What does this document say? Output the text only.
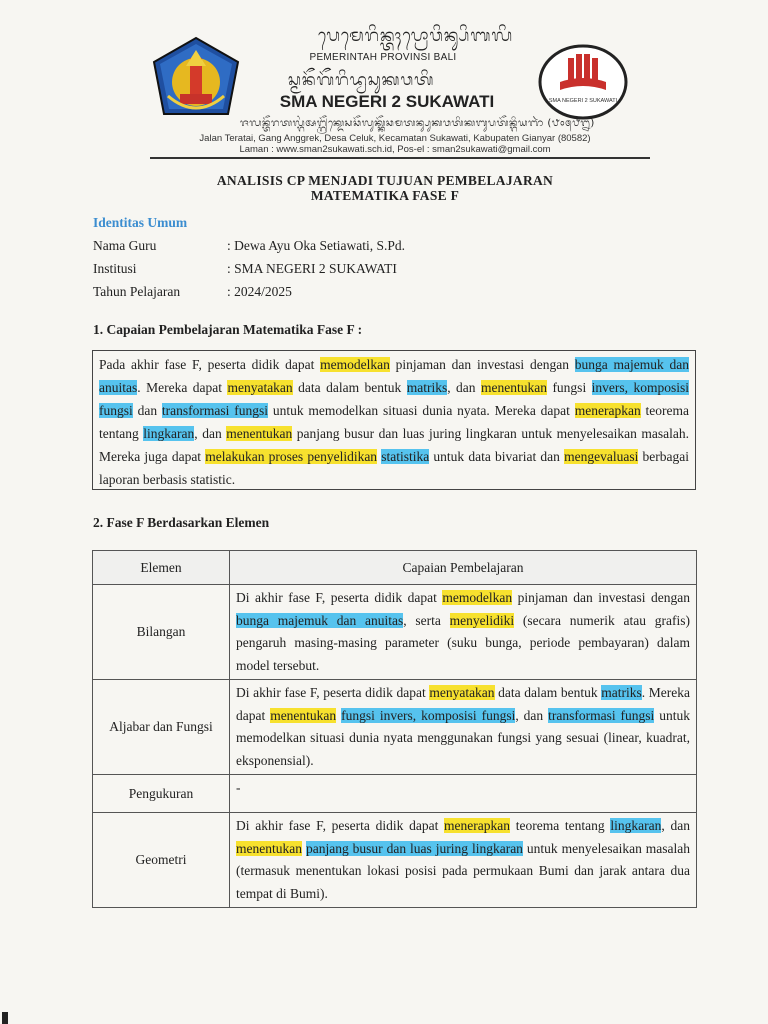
ᬧᬾᬫᬾᬭᬶᬦ᭄ᬢᬄᬧ᭄ᬭᭀᬯᬶᬦ᭄ᬲᬶᬩᬮᬶ
PEMERINTAH PROVINSI BALI
ᬲ᭄ᬫᬦᭂᬕᭂᬭᬶᬤ᭄ᬯᬲᬸᬓᬯᬢᬶ
SMA NEGERI 2 SUKAWATI
ᬚᬮᬦ᭄ᬢᭂᬭᬢᬮ᭄ᬕᬂᬅᬗ᭄ᬕ᭄ᬭᭂᬓ᭄ᬤᬾᬲᬘᭂᬮᬸᬓ᭄ᬓᭂᬘᬫᬢᬦ᭄ᬲᬸᬓᬯᬢᬶᬓᬩᬸᬧᬢᭂᬦ᭄ᬕᬶᬬᬜᬃ (᭘᭐᭕᭘᭒)
Jalan Teratai, Gang Anggrek, Desa Celuk, Kecamatan Sukawati, Kabupaten Gianyar (80582)
Laman : www.sman2sukawati.sch.id, Pos-el : sman2sukawati@gmail.com
SMA NEGERI 2 SUKAWATI
ANALISIS CP MENJADI TUJUAN PEMBELAJARAN
MATEMATIKA FASE F
Identitas Umum
Nama Guru	: Dewa Ayu Oka Setiawati, S.Pd.
Institusi	: SMA NEGERI 2 SUKAWATI
Tahun Pelajaran	: 2024/2025
1. Capaian Pembelajaran Matematika Fase F :
Pada akhir fase F, peserta didik dapat memodelkan pinjaman dan investasi dengan bunga majemuk dan anuitas. Mereka dapat menyatakan data dalam bentuk matriks, dan menentukan fungsi invers, komposisi fungsi dan transformasi fungsi untuk memodelkan situasi dunia nyata. Mereka dapat menerapkan teorema tentang lingkaran, dan menentukan panjang busur dan luas juring lingkaran untuk menyelesaikan masalah. Mereka juga dapat melakukan proses penyelidikan statistika untuk data bivariat dan mengevaluasi berbagai laporan berbasis statistic.
2. Fase F Berdasarkan Elemen
Elemen	Capaian Pembelajaran
Bilangan	Di akhir fase F, peserta didik dapat memodelkan pinjaman dan investasi dengan bunga majemuk dan anuitas, serta menyelidiki (secara numerik atau grafis) pengaruh masing-masing parameter (suku bunga, periode pembayaran) dalam model tersebut.
Aljabar dan Fungsi	Di akhir fase F, peserta didik dapat menyatakan data dalam bentuk matriks. Mereka dapat menentukan fungsi invers, komposisi fungsi, dan transformasi fungsi untuk memodelkan situasi dunia nyata menggunakan fungsi yang sesuai (linear, kuadrat, eksponensial).
Pengukuran	-
Geometri	Di akhir fase F, peserta didik dapat menerapkan teorema tentang lingkaran, dan menentukan panjang busur dan luas juring lingkaran untuk menyelesaikan masalah (termasuk menentukan lokasi posisi pada permukaan Bumi dan jarak antara dua tempat di Bumi).
